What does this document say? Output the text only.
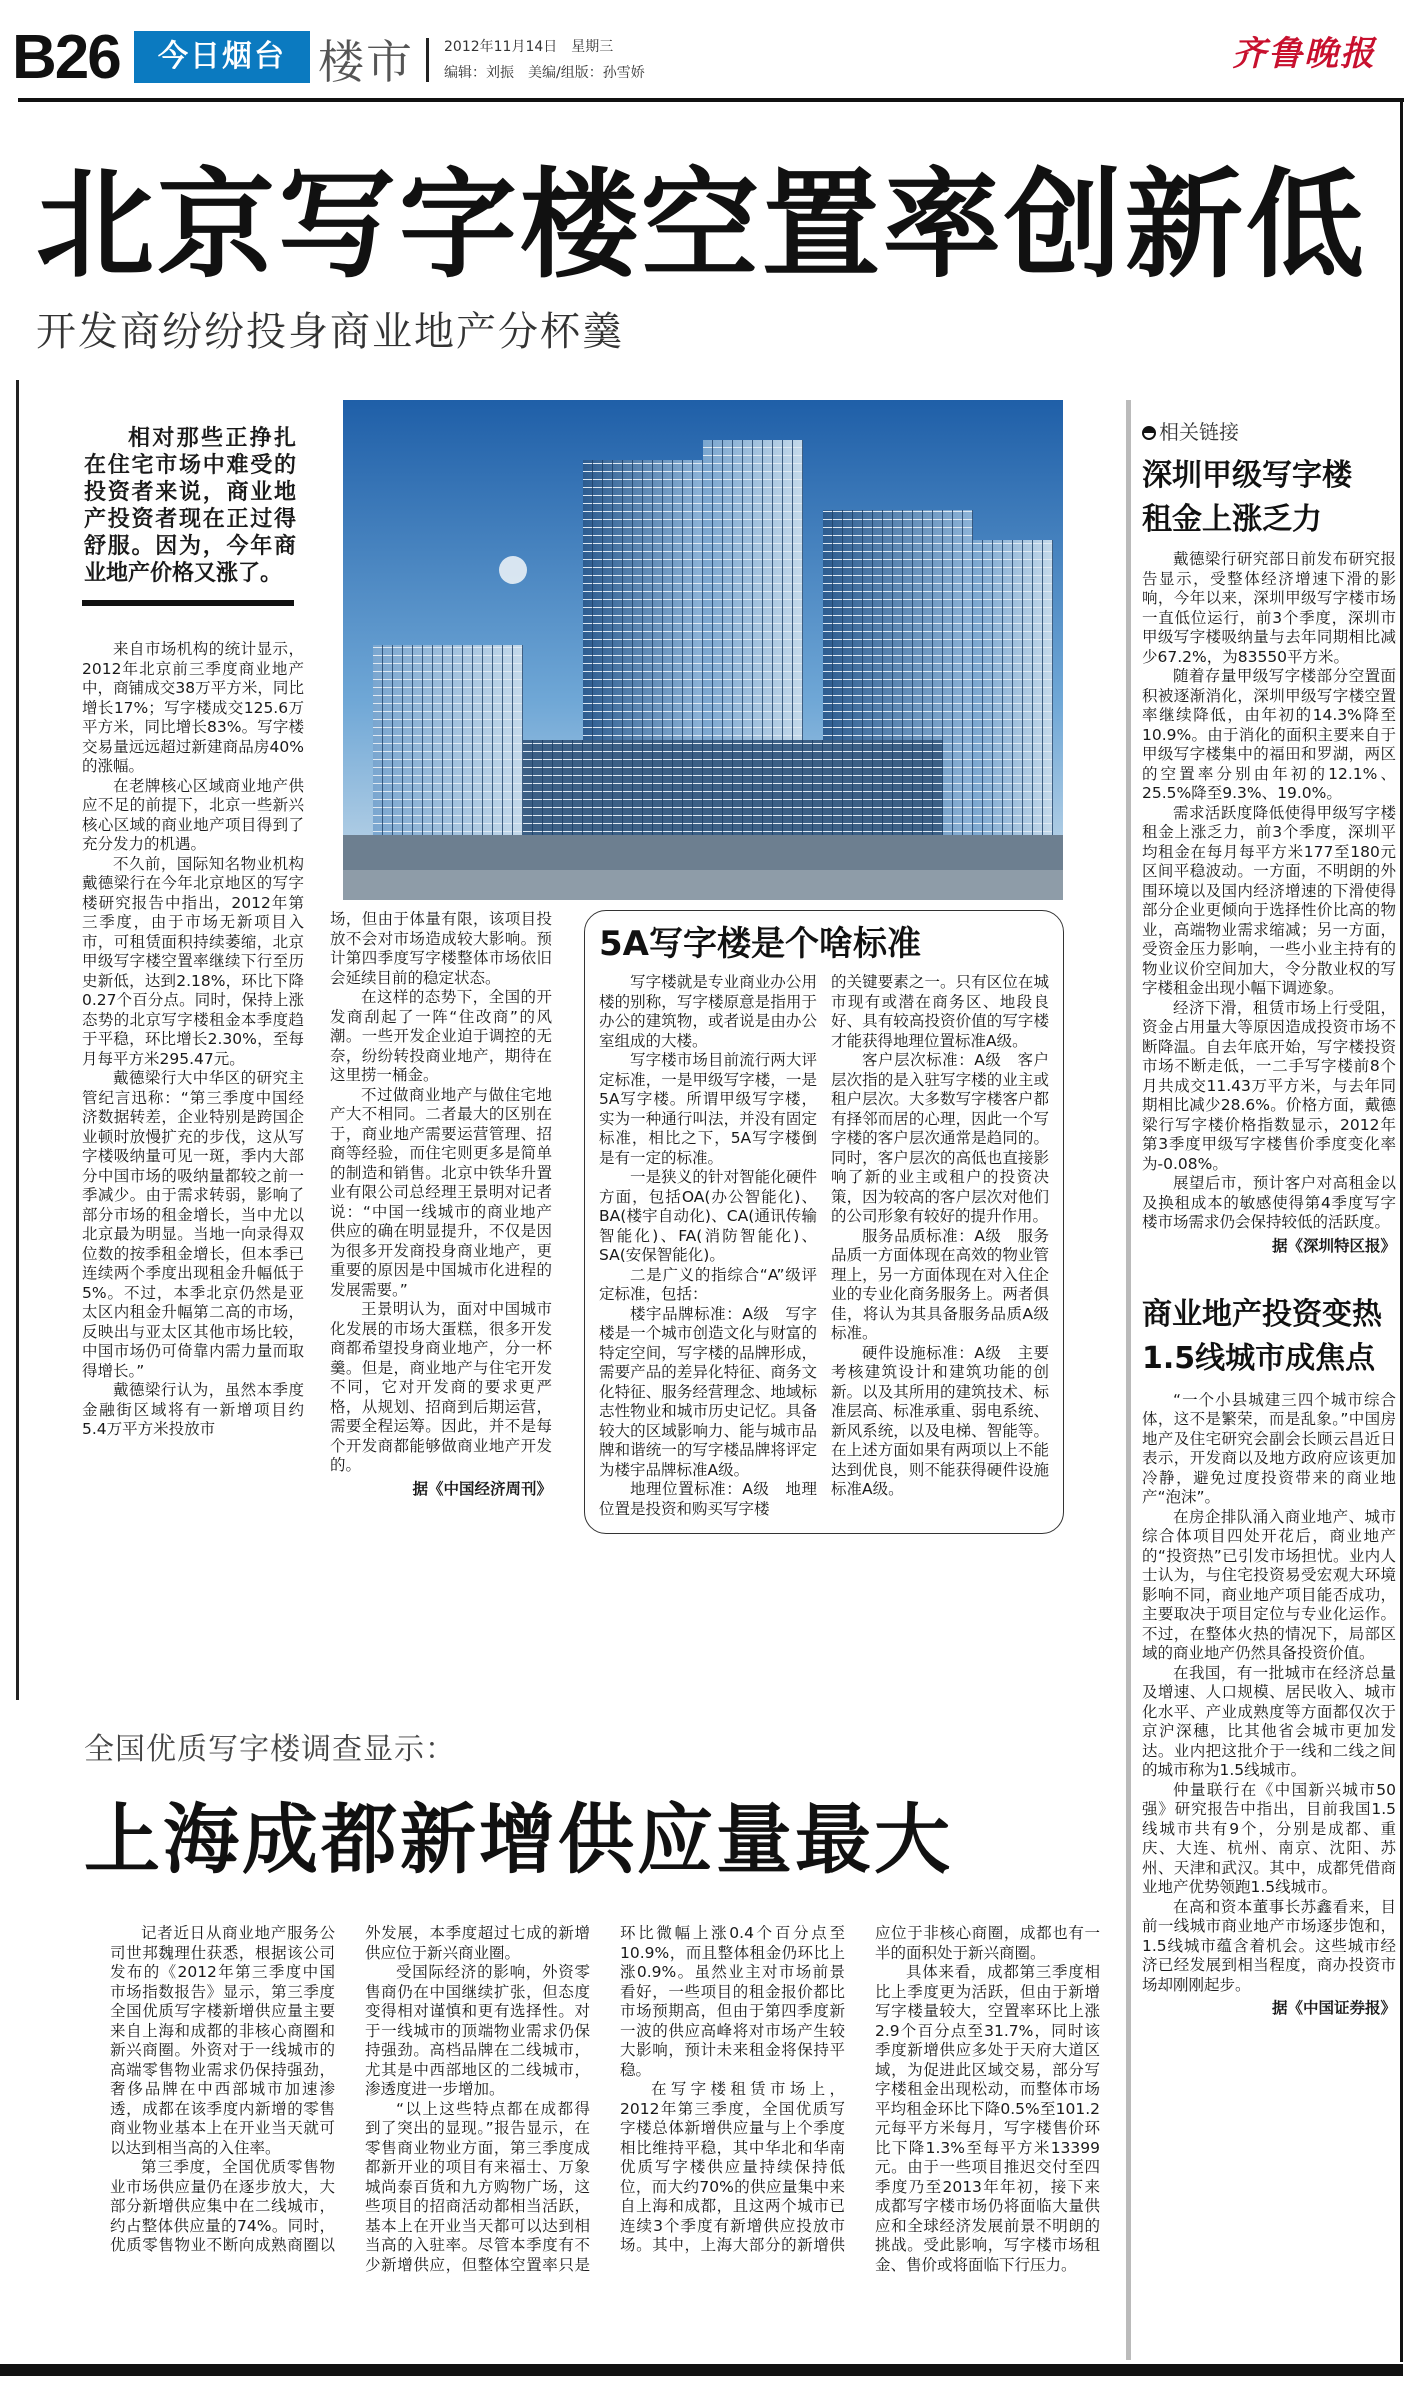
B26	今日烟台 楼市 2012年11月14日　星期三
编辑：刘振　美编/组版：孙雪娇	齐鲁晚报
北京写字楼空置率创新低
开发商纷纷投身商业地产分杯羹
相对那些正挣扎在住宅市场中难受的投资者来说，商业地产投资者现在正过得舒服。因为，今年商业地产价格又涨了。

来自市场机构的统计显示，2012年北京前三季度商业地产中，商铺成交38万平方米，同比增长17%；写字楼成交125.6万平方米，同比增长83%。写字楼交易量远远超过新建商品房40%的涨幅。

在老牌核心区域商业地产供应不足的前提下，北京一些新兴核心区域的商业地产项目得到了充分发力的机遇。

不久前，国际知名物业机构戴德梁行在今年北京地区的写字楼研究报告中指出，2012年第三季度，由于市场无新项目入市，可租赁面积持续萎缩，北京甲级写字楼空置率继续下行至历史新低，达到2.18%，环比下降0.27个百分点。同时，保持上涨态势的北京写字楼租金本季度趋于平稳，环比增长2.30%，至每月每平方米295.47元。

戴德梁行大中华区的研究主管纪言迅称：“第三季度中国经济数据转差，企业特别是跨国企业顿时放慢扩充的步伐，这从写字楼吸纳量可见一斑，季内大部分中国市场的吸纳量都较之前一季减少。由于需求转弱，影响了部分市场的租金增长，当中尤以北京最为明显。当地一向录得双位数的按季租金增长，但本季已连续两个季度出现租金升幅低于5%。不过，本季北京仍然是亚太区内租金升幅第二高的市场，反映出与亚太区其他市场比较，中国市场仍可倚靠内需力量而取得增长。”

戴德梁行认为，虽然本季度金融街区域将有一新增项目约5.4万平方米投放市

场，但由于体量有限，该项目投放不会对市场造成较大影响。预计第四季度写字楼整体市场依旧会延续目前的稳定状态。

在这样的态势下，全国的开发商刮起了一阵“住改商”的风潮。一些开发企业迫于调控的无奈，纷纷转投商业地产，期待在这里捞一桶金。

不过做商业地产与做住宅地产大不相同。二者最大的区别在于，商业地产需要运营管理、招商等经验，而住宅则更多是简单的制造和销售。北京中铁华升置业有限公司总经理王景明对记者说：“中国一线城市的商业地产供应的确在明显提升，不仅是因为很多开发商投身商业地产，更重要的原因是中国城市化进程的发展需要。”

王景明认为，面对中国城市化发展的市场大蛋糕，很多开发商都希望投身商业地产，分一杯羹。但是，商业地产与住宅开发不同，它对开发商的要求更严格，从规划、招商到后期运营，需要全程运筹。因此，并不是每个开发商都能够做商业地产开发的。

据《中国经济周刊》
5A写字楼是个啥标准

写字楼就是专业商业办公用楼的别称，写字楼原意是指用于办公的建筑物，或者说是由办公室组成的大楼。

写字楼市场目前流行两大评定标准，一是甲级写字楼，一是5A写字楼。所谓甲级写字楼，实为一种通行叫法，并没有固定标准，相比之下，5A写字楼倒是有一定的标准。

一是狭义的针对智能化硬件方面，包括OA(办公智能化)、BA(楼宇自动化)、CA(通讯传输智能化)、FA(消防智能化)、SA(安保智能化)。

二是广义的指综合“A”级评定标准，包括：

楼宇品牌标准：A级　写字楼是一个城市创造文化与财富的特定空间，写字楼的品牌形成，需要产品的差异化特征、商务文化特征、服务经营理念、地域标志性物业和城市历史记忆。具备较大的区域影响力、能与城市品牌和谐统一的写字楼品牌将评定为楼宇品牌标准A级。

地理位置标准：A级　地理位置是投资和购买写字楼

的关键要素之一。只有区位在城市现有或潜在商务区、地段良好、具有较高投资价值的写字楼才能获得地理位置标准A级。

客户层次标准：A级　客户层次指的是入驻写字楼的业主或租户层次。大多数写字楼客户都有择邻而居的心理，因此一个写字楼的客户层次通常是趋同的。同时，客户层次的高低也直接影响了新的业主或租户的投资决策，因为较高的客户层次对他们的公司形象有较好的提升作用。

服务品质标准：A级　服务品质一方面体现在高效的物业管理上，另一方面体现在对入住企业的专业化商务服务上。两者俱佳，将认为其具备服务品质A级标准。

硬件设施标准：A级　主要考核建筑设计和建筑功能的创新。以及其所用的建筑技术、标准层高、标准承重、弱电系统、新风系统，以及电梯、智能等。在上述方面如果有两项以上不能达到优良，则不能获得硬件设施标准A级。

相关链接
深圳甲级写字楼
租金上涨乏力

戴德梁行研究部日前发布研究报告显示，受整体经济增速下滑的影响，今年以来，深圳甲级写字楼市场一直低位运行，前3个季度，深圳市甲级写字楼吸纳量与去年同期相比减少67.2%，为83550平方米。

随着存量甲级写字楼部分空置面积被逐渐消化，深圳甲级写字楼空置率继续降低，由年初的14.3%降至10.9%。由于消化的面积主要来自于甲级写字楼集中的福田和罗湖，两区的空置率分别由年初的12.1%、25.5%降至9.3%、19.0%。

需求活跃度降低使得甲级写字楼租金上涨乏力，前3个季度，深圳平均租金在每月每平方米177至180元区间平稳波动。一方面，不明朗的外围环境以及国内经济增速的下滑使得部分企业更倾向于选择性价比高的物业，高端物业需求缩减；另一方面，受资金压力影响，一些小业主持有的物业议价空间加大，令分散业权的写字楼租金出现小幅下调迹象。

经济下滑，租赁市场上行受阻，资金占用量大等原因造成投资市场不断降温。自去年底开始，写字楼投资市场不断走低，一二手写字楼前8个月共成交11.43万平方米，与去年同期相比减少28.6%。价格方面，戴德梁行写字楼价格指数显示，2012年第3季度甲级写字楼售价季度变化率为-0.08%。

展望后市，预计客户对高租金以及换租成本的敏感使得第4季度写字楼市场需求仍会保持较低的活跃度。

据《深圳特区报》
商业地产投资变热
1.5线城市成焦点

“一个小县城建三四个城市综合体，这不是繁荣，而是乱象。”中国房地产及住宅研究会副会长顾云昌近日表示，开发商以及地方政府应该更加冷静，避免过度投资带来的商业地产“泡沫”。

在房企排队涌入商业地产、城市综合体项目四处开花后，商业地产的“投资热”已引发市场担忧。业内人士认为，与住宅投资易受宏观大环境影响不同，商业地产项目能否成功，主要取决于项目定位与专业化运作。不过，在整体火热的情况下，局部区域的商业地产仍然具备投资价值。

在我国，有一批城市在经济总量及增速、人口规模、居民收入、城市化水平、产业成熟度等方面都仅次于京沪深穗，比其他省会城市更加发达。业内把这批介于一线和二线之间的城市称为1.5线城市。

仲量联行在《中国新兴城市50强》研究报告中指出，目前我国1.5线城市共有9个，分别是成都、重庆、大连、杭州、南京、沈阳、苏州、天津和武汉。其中，成都凭借商业地产优势领跑1.5线城市。

在高和资本董事长苏鑫看来，目前一线城市商业地产市场逐步饱和，1.5线城市蕴含着机会。这些城市经济已经发展到相当程度，商办投资市场却刚刚起步。

据《中国证券报》
全国优质写字楼调查显示：
上海成都新增供应量最大

记者近日从商业地产服务公司世邦魏理仕获悉，根据该公司发布的《2012年第三季度中国市场指数报告》显示，第三季度全国优质写字楼新增供应量主要来自上海和成都的非核心商圈和新兴商圈。外资对于一线城市的高端零售物业需求仍保持强劲，奢侈品牌在中西部城市加速渗透，成都在该季度内新增的零售商业物业基本上在开业当天就可以达到相当高的入住率。

第三季度，全国优质零售物业市场供应量仍在逐步放大，大部分新增供应集中在二线城市，约占整体供应量的74%。同时，优质零售物业不断向成熟商圈以外发展，本季度超过七成的新增供应位于新兴商业圈。

受国际经济的影响，外资零售商仍在中国继续扩张，但态度变得相对谨慎和更有选择性。对于一线城市的顶端物业需求仍保持强劲。高档品牌在二线城市，尤其是中西部地区的二线城市，渗透度进一步增加。

“以上这些特点都在成都得到了突出的显现。”报告显示，在零售商业物业方面，第三季度成都新开业的项目有来福士、万象城尚泰百货和九方购物广场，这些项目的招商活动都相当活跃，基本上在开业当天都可以达到相当高的入驻率。尽管本季度有不少新增供应，但整体空置率只是环比微幅上涨0.4个百分点至10.9%，而且整体租金仍环比上涨0.9%。虽然业主对市场前景看好，一些项目的租金报价都比市场预期高，但由于第四季度新一波的供应高峰将对市场产生较大影响，预计未来租金将保持平稳。

在写字楼租赁市场上，2012年第三季度，全国优质写字楼总体新增供应量与上个季度相比维持平稳，其中华北和华南优质写字楼供应量持续保持低位，而大约70%的供应量集中来自上海和成都，且这两个城市已连续3个季度有新增供应投放市场。其中，上海大部分的新增供应位于非核心商圈，成都也有一半的面积处于新兴商圈。

具体来看，成都第三季度相比上季度更为活跃，但由于新增写字楼量较大，空置率环比上涨2.9个百分点至31.7%，同时该季度新增供应多处于天府大道区域，为促进此区域交易，部分写字楼租金出现松动，而整体市场平均租金环比下降0.5%至101.2元每平方米每月，写字楼售价环比下降1.3%至每平方米13399元。由于一些项目推迟交付至四季度乃至2013年年初，接下来成都写字楼市场仍将面临大量供应和全球经济发展前景不明朗的挑战。受此影响，写字楼市场租金、售价或将面临下行压力。
